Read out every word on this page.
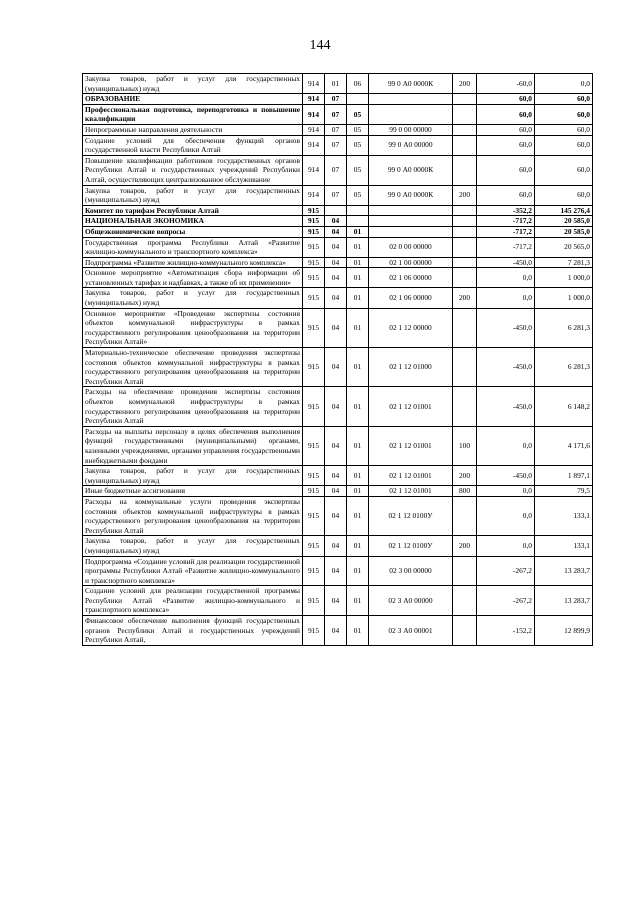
144
Закупка товаров, работ и услуг для государственных (муниципальных) нужд	914	01	06	99 0 А0 0000К	200	-60,0	0,0
ОБРАЗОВАНИЕ	914	07				60,0	60,0
Профессиональная подготовка, переподготовка и повышение квалификации	914	07	05			60,0	60,0
Непрограммные направления деятельности	914	07	05	99 0 00 00000		60,0	60,0
Создание условий для обеспечения функций органов государственной власти Республики Алтай	914	07	05	99 0 А0 00000		60,0	60,0
Повышение квалификации работников государственных органов Республики Алтай и государственных учреждений Республики Алтай, осуществляющих централизованное обслуживание	914	07	05	99 0 А0 0000К		60,0	60,0
Закупка товаров, работ и услуг для государственных (муниципальных) нужд	914	07	05	99 0 А0 0000К	200	60,0	60,0
Комитет по тарифам Республики Алтай	915					-352,2	145 276,4
НАЦИОНАЛЬНАЯ ЭКОНОМИКА	915	04				-717,2	20 585,0
Общеэкономические вопросы	915	04	01			-717,2	20 585,0
Государственная программа Республики Алтай «Развитие жилищно-коммунального и транспортного комплекса»	915	04	01	02 0 00 00000		-717,2	20 565,0
Подпрограмма «Развитие жилищно-коммунального комплекса»	915	04	01	02 1 00 00000		-450,0	7 281,3
Основное мероприятие «Автоматизация сбора информации об установленных тарифах и надбавках, а также об их применении»	915	04	01	02 1 06 00000		0,0	1 000,0
Закупка товаров, работ и услуг для государственных (муниципальных) нужд	915	04	01	02 1 06 00000	200	0,0	1 000,0
Основное мероприятие «Проведение экспертизы состояния объектов коммунальной инфраструктуры в рамках государственного регулирования ценообразования на территории Республики Алтай»	915	04	01	02 1 12 00000		-450,0	6 281,3
Материально-техническое обеспечение проведения экспертизы состояния объектов коммунальной инфраструктуры в рамках государственного регулирования ценообразования на территории Республики Алтай	915	04	01	02 1 12 01000		-450,0	6 281,3
Расходы на обеспечение проведения экспертизы состояния объектов коммунальной инфраструктуры в рамках государственного регулирования ценообразования на территории Республики Алтай	915	04	01	02 1 12 01001		-450,0	6 148,2
Расходы на выплаты персоналу в целях обеспечения выполнения функций государственными (муниципальными) органами, казенными учреждениями, органами управления государственными внебюджетными фондами	915	04	01	02 1 12 01001	100	0,0	4 171,6
Закупка товаров, работ и услуг для государственных (муниципальных) нужд	915	04	01	02 1 12 01001	200	-450,0	1 897,1
Иные бюджетные ассигнования	915	04	01	02 1 12 01001	800	0,0	79,5
Расходы на коммунальные услуги проведения экспертизы состояния объектов коммунальной инфраструктуры в рамках государственного регулирования ценообразования на территории Республики Алтай	915	04	01	02 1 12 0100У		0,0	133,1
Закупка товаров, работ и услуг для государственных (муниципальных) нужд	915	04	01	02 1 12 0100У	200	0,0	133,1
Подпрограмма «Создание условий для реализации государственной программы Республики Алтай «Развитие жилищно-коммунального и транспортного комплекса»	915	04	01	02 3 00 00000		-267,2	13 283,7
Создание условий для реализации государственной программы Республики Алтай «Развитие жилищно-коммунального и транспортного комплекса»	915	04	01	02 3 А0 00000		-267,2	13 283,7
Финансовое обеспечение выполнения функций государственных органов Республики Алтай и государственных учреждений Республики Алтай,	915	04	01	02 3 А0 00001		-152,2	12 899,9
